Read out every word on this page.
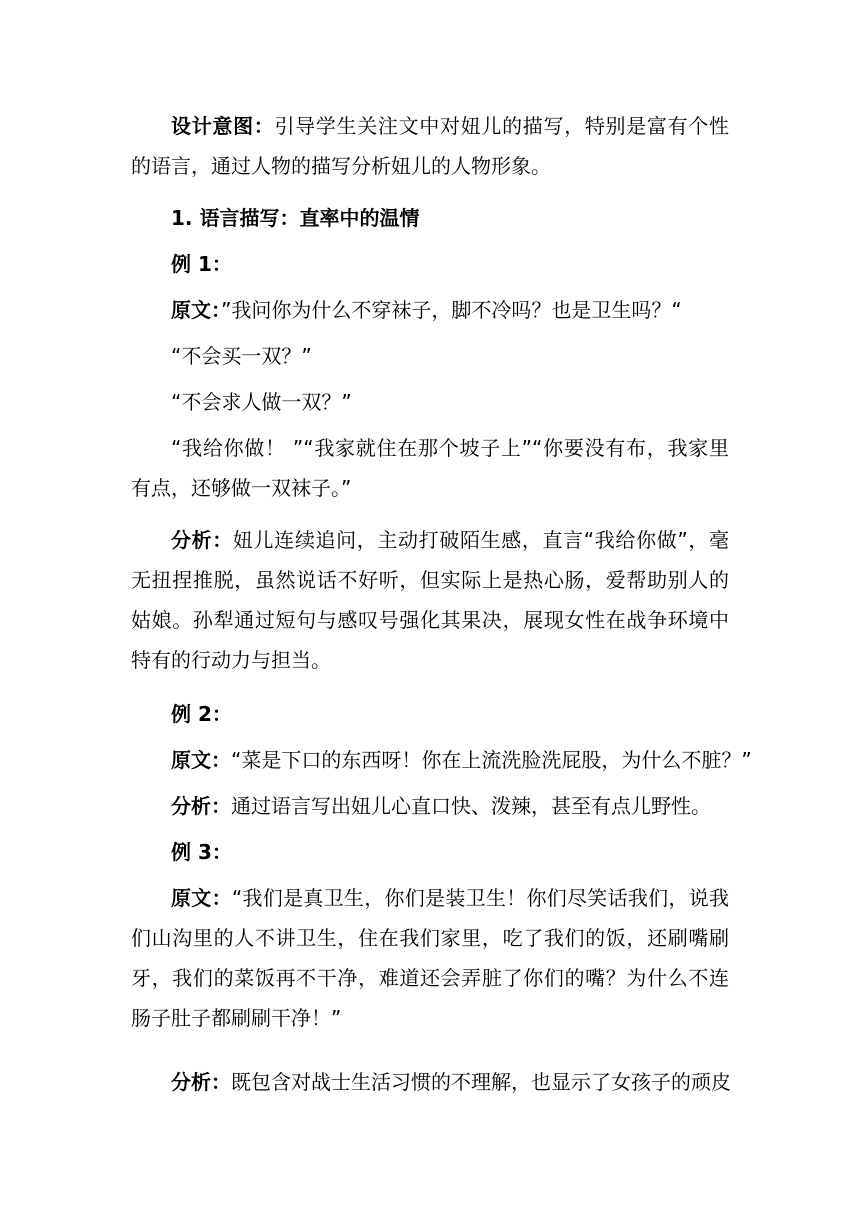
设计意图：引导学生关注文中对妞儿的描写，特别是富有个性的语言，通过人物的描写分析妞儿的人物形象。

1. 语言描写：直率中的温情

例 1：

原文：”我问你为什么不穿袜子，脚不冷吗？也是卫生吗？“

“不会买一双？”

“不会求人做一双？”

“我给你做！ ”“我家就住在那个坡子上”“你要没有布，我家里有点，还够做一双袜子。”

分析：妞儿连续追问，主动打破陌生感，直言“我给你做”，毫无扭捏推脱，虽然说话不好听，但实际上是热心肠，爱帮助别人的姑娘。孙犁通过短句与感叹号强化其果决，展现女性在战争环境中特有的行动力与担当。

例 2：

原文：“菜是下口的东西呀！你在上流洗脸洗屁股，为什么不脏？”

分析：通过语言写出妞儿心直口快、泼辣，甚至有点儿野性。

例 3：

原文：“我们是真卫生，你们是装卫生！你们尽笑话我们，说我们山沟里的人不讲卫生，住在我们家里，吃了我们的饭，还刷嘴刷牙，我们的菜饭再不干净，难道还会弄脏了你们的嘴？为什么不连肠子肚子都刷刷干净！”

分析：既包含对战士生活习惯的不理解，也显示了女孩子的顽皮
